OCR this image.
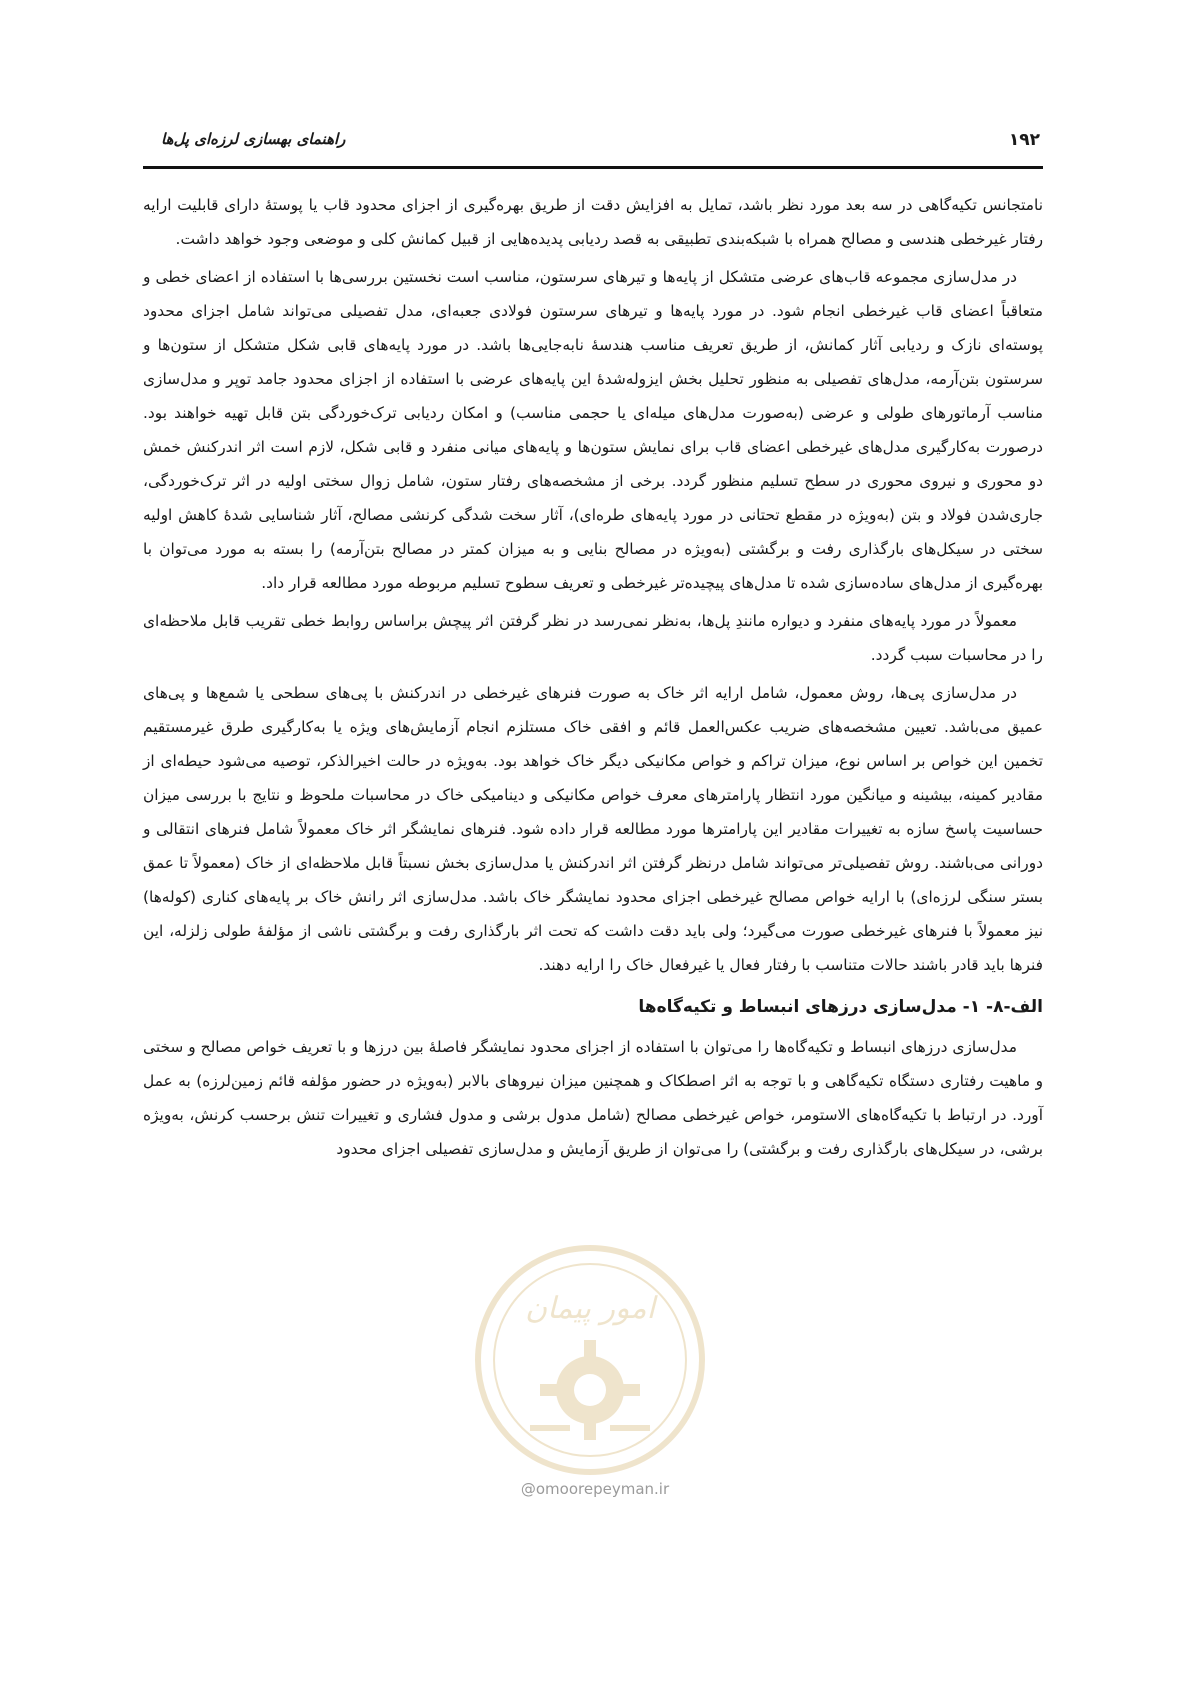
۱۹۲
راهنمای بهسازی لرزه‌ای پل‌ها

نامتجانس تکیه‌گاهی در سه بعد مورد نظر باشد، تمایل به افزایش دقت از طریق بهره‌گیری از اجزای محدود قاب یا پوستهٔ دارای قابلیت ارایه رفتار غیرخطی هندسی و مصالح همراه با شبکه‌بندی تطبیقی به قصد ردیابی پدیده‌هایی از قبیل کمانش کلی و موضعی وجود خواهد داشت.

در مدل‌سازی مجموعه قاب‌های عرضی متشکل از پایه‌ها و تیرهای سرستون، مناسب است نخستین بررسی‌ها با استفاده از اعضای خطی و متعاقباً اعضای قاب غیرخطی انجام شود. در مورد پایه‌ها و تیرهای سرستون فولادی جعبه‌ای، مدل تفصیلی می‌تواند شامل اجزای محدود پوسته‌ای نازک و ردیابی آثار کمانش، از طریق تعریف مناسب هندسهٔ نابه‌جایی‌ها باشد. در مورد پایه‌های قابی شکل متشکل از ستون‌ها و سرستون بتن‌آرمه، مدل‌های تفصیلی به منظور تحلیل بخش ایزوله‌شدهٔ این پایه‌های عرضی با استفاده از اجزای محدود جامد توپر و مدل‌سازی مناسب آرماتورهای طولی و عرضی (به‌صورت مدل‌های میله‌ای یا حجمی مناسب) و امکان ردیابی ترک‌خوردگی بتن قابل تهیه خواهند بود. درصورت به‌کارگیری مدل‌های غیرخطی اعضای قاب برای نمایش ستون‌ها و پایه‌های میانی منفرد و قابی شکل، لازم است اثر اندرکنش خمش دو محوری و نیروی محوری در سطح تسلیم منظور گردد. برخی از مشخصه‌های رفتار ستون، شامل زوال سختی اولیه در اثر ترک‌خوردگی، جاری‌شدن فولاد و بتن (به‌ویژه در مقطع تحتانی در مورد پایه‌های طره‌ای)، آثار سخت شدگی کرنشی مصالح، آثار شناسایی شدهٔ کاهش اولیه سختی در سیکل‌های بارگذاری رفت و برگشتی (به‌ویژه در مصالح بنایی و به میزان کمتر در مصالح بتن‌آرمه) را بسته به مورد می‌توان با بهره‌گیری از مدل‌های ساده‌سازی شده تا مدل‌های پیچیده‌تر غیرخطی و تعریف سطوح تسلیم مربوطه مورد مطالعه قرار داد.

معمولاً در مورد پایه‌های منفرد و دیواره مانندِ پل‌ها، به‌نظر نمی‌رسد در نظر گرفتن اثر پیچش براساس روابط خطی تقریب قابل ملاحظه‌ای را در محاسبات سبب گردد.

در مدل‌سازی پی‌ها، روش معمول، شامل ارایه اثر خاک به صورت فنرهای غیرخطی در اندرکنش با پی‌های سطحی یا شمع‌ها و پی‌های عمیق می‌باشد. تعیین مشخصه‌های ضریب عکس‌العمل قائم و افقی خاک مستلزم انجام آزمایش‌های ویژه یا به‌کارگیری طرق غیرمستقیم تخمین این خواص بر اساس نوع، میزان تراکم و خواص مکانیکی دیگر خاک خواهد بود. به‌ویژه در حالت اخیرالذکر، توصیه می‌شود حیطه‌ای از مقادیر کمینه، بیشینه و میانگین مورد انتظار پارامترهای معرف خواص مکانیکی و دینامیکی خاک در محاسبات ملحوظ و نتایج با بررسی میزان حساسیت پاسخ سازه به تغییرات مقادیر این پارامترها مورد مطالعه قرار داده شود. فنرهای نمایشگر اثر خاک معمولاً شامل فنرهای انتقالی و دورانی می‌باشند. روش تفصیلی‌تر می‌تواند شامل درنظر گرفتن اثر اندرکنش یا مدل‌سازی بخش نسبتاً قابل ملاحظه‌ای از خاک (معمولاً تا عمق بستر سنگی لرزه‌ای) با ارایه خواص مصالح غیرخطی اجزای محدود نمایشگر خاک باشد. مدل‌سازی اثر رانش خاک بر پایه‌های کناری (کوله‌ها) نیز معمولاً با فنرهای غیرخطی صورت می‌گیرد؛ ولی باید دقت داشت که تحت اثر بارگذاری رفت و برگشتی ناشی از مؤلفهٔ طولی زلزله، این فنرها باید قادر باشند حالات متناسب با رفتار فعال یا غیرفعال خاک را ارایه دهند.

الف-۸- ۱- مدل‌سازی درزهای انبساط و تکیه‌گاه‌ها

مدل‌سازی درزهای انبساط و تکیه‌گاه‌ها را می‌توان با استفاده از اجزای محدود نمایشگر فاصلهٔ بین درزها و با تعریف خواص مصالح و سختی و ماهیت رفتاری دستگاه تکیه‌گاهی و با توجه به اثر اصطکاک و همچنین میزان نیروهای بالابر (به‌ویژه در حضور مؤلفه قائم زمین‌لرزه) به عمل آورد. در ارتباط با تکیه‌گاه‌های الاستومر، خواص غیرخطی مصالح (شامل مدول برشی و مدول فشاری و تغییرات تنش برحسب کرنش، به‌ویژه برشی، در سیکل‌های بارگذاری رفت و برگشتی) را می‌توان از طریق آزمایش و مدل‌سازی تفصیلی اجزای محدود

امور پیمان
@omoorepeyman.ir
